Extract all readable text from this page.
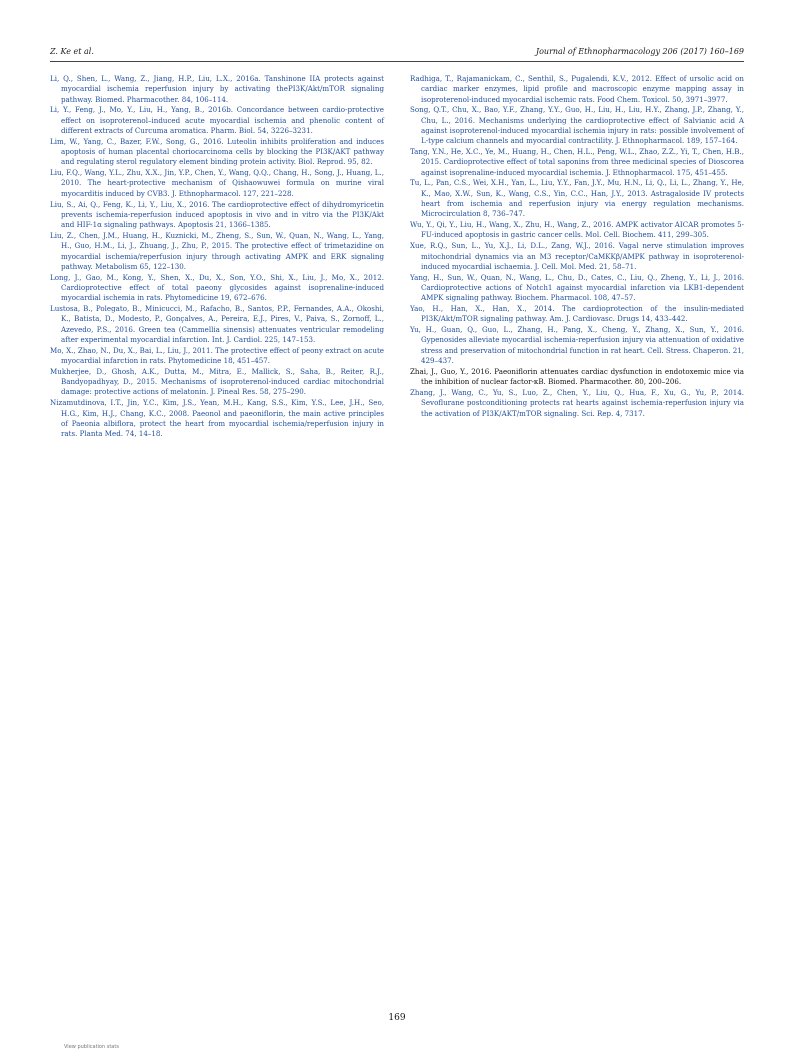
Z. Ke et al.	Journal of Ethnopharmacology 206 (2017) 160–169

Li, Q., Shen, L., Wang, Z., Jiang, H.P., Liu, L.X., 2016a. Tanshinone IIA protects against myocardial ischemia reperfusion injury by activating thePI3K/Akt/mTOR signaling pathway. Biomed. Pharmacother. 84, 106–114.

Li, Y., Feng, J., Mo, Y., Liu, H., Yang, B., 2016b. Concordance between cardio-protective effect on isoproterenol–induced acute myocardial ischemia and phenolic content of different extracts of Curcuma aromatica. Pharm. Biol. 54, 3226–3231.

Lim, W., Yang, C., Bazer, F.W., Song, G., 2016. Luteolin inhibits proliferation and induces apoptosis of human placental choriocarcinoma cells by blocking the PI3K/AKT pathway and regulating sterol regulatory element binding protein activity. Biol. Reprod. 95, 82.

Liu, F.Q., Wang, Y.L., Zhu, X.X., Jin, Y.P., Chen, Y., Wang, Q.Q., Chang, H., Song, J., Huang, L., 2010. The heart-protective mechanism of Qishaowuwei formula on murine viral myocarditis induced by CVB3. J. Ethnopharmacol. 127, 221–228.

Liu, S., Ai, Q., Feng, K., Li, Y., Liu, X., 2016. The cardioprotective effect of dihydromyricetin prevents ischemia-reperfusion induced apoptosis in vivo and in vitro via the PI3K/Akt and HIF-1α signaling pathways. Apoptosis 21, 1366–1385.

Liu, Z., Chen, J.M., Huang, H., Kuznicki, M., Zheng, S., Sun, W., Quan, N., Wang, L., Yang, H., Guo, H.M., Li, J., Zhuang, J., Zhu, P., 2015. The protective effect of trimetazidine on myocardial ischemia/reperfusion injury through activating AMPK and ERK signaling pathway. Metabolism 65, 122–130.

Long, J., Gao, M., Kong, Y., Shen, X., Du, X., Son, Y.O., Shi, X., Liu, J., Mo, X., 2012. Cardioprotective effect of total paeony glycosides against isoprenaline-induced myocardial ischemia in rats. Phytomedicine 19, 672–676.

Lustosa, B., Polegato, B., Minicucci, M., Rafacho, B., Santos, P.P., Fernandes, A.A., Okoshi, K., Batista, D., Modesto, P., Gonçalves, A., Pereira, E.J., Pires, V., Paiva, S., Zornoff, L., Azevedo, P.S., 2016. Green tea (Cammellia sinensis) attenuates ventricular remodeling after experimental myocardial infarction. Int. J. Cardiol. 225, 147–153.

Mo, X., Zhao, N., Du, X., Bai, L., Liu, J., 2011. The protective effect of peony extract on acute myocardial infarction in rats. Phytomedicine 18, 451–457.

Mukherjee, D., Ghosh, A.K., Dutta, M., Mitra, E., Mallick, S., Saha, B., Reiter, R.J., Bandyopadhyay, D., 2015. Mechanisms of isoproterenol-induced cardiac mitochondrial damage: protective actions of melatonin. J. Pineal Res. 58, 275–290.

Nizamutdinova, I.T., Jin, Y.C., Kim, J.S., Yean, M.H., Kang, S.S., Kim, Y.S., Lee, J.H., Seo, H.G., Kim, H.J., Chang, K.C., 2008. Paeonol and paeoniflorin, the main active principles of Paeonia albiflora, protect the heart from myocardial ischemia/reperfusion injury in rats. Planta Med. 74, 14–18.

Radhiga, T., Rajamanickam, C., Senthil, S., Pugalendi, K.V., 2012. Effect of ursolic acid on cardiac marker enzymes, lipid profile and macroscopic enzyme mapping assay in isoproterenol-induced myocardial ischemic rats. Food Chem. Toxicol. 50, 3971–3977.

Song, Q.T., Chu, X., Bao, Y.F., Zhang, Y.Y., Guo, H., Liu, H., Liu, H.Y., Zhang, J.P., Zhang, Y., Chu, L., 2016. Mechanisms underlying the cardioprotective effect of Salvianic acid A against isoproterenol-induced myocardial ischemia injury in rats: possible involvement of L-type calcium channels and myocardial contractility. J. Ethnopharmacol. 189, 157–164.

Tang, Y.N., He, X.C., Ye, M., Huang, H., Chen, H.L., Peng, W.L., Zhao, Z.Z., Yi, T., Chen, H.B., 2015. Cardioprotective effect of total saponins from three medicinal species of Dioscorea against isoprenaline-induced myocardial ischemia. J. Ethnopharmacol. 175, 451–455.

Tu, L., Pan, C.S., Wei, X.H., Yan, L., Liu, Y.Y., Fan, J.Y., Mu, H.N., Li, Q., Li, L., Zhang, Y., He, K., Mao, X.W., Sun, K., Wang, C.S., Yin, C.C., Han, J.Y., 2013. Astragaloside IV protects heart from ischemia and reperfusion injury via energy regulation mechanisms. Microcirculation 8, 736–747.

Wu, Y., Qi, Y., Liu, H., Wang, X., Zhu, H., Wang, Z., 2016. AMPK activator AICAR promotes 5-FU-induced apoptosis in gastric cancer cells. Mol. Cell. Biochem. 411, 299–305.

Xue, R.Q., Sun, L., Yu, X.J., Li, D.L., Zang, W.J., 2016. Vagal nerve stimulation improves mitochondrial dynamics via an M3 receptor/CaMKKβ/AMPK pathway in isoproterenol-induced myocardial ischaemia. J. Cell. Mol. Med. 21, 58–71.

Yang, H., Sun, W., Quan, N., Wang, L., Chu, D., Cates, C., Liu, Q., Zheng, Y., Li, J., 2016. Cardioprotective actions of Notch1 against myocardial infarction via LKB1-dependent AMPK signaling pathway. Biochem. Pharmacol. 108, 47–57.

Yao, H., Han, X., Han, X., 2014. The cardioprotection of the insulin-mediated PI3K/Akt/mTOR signaling pathway. Am. J. Cardiovasc. Drugs 14, 433–442.

Yu, H., Guan, Q., Guo, L., Zhang, H., Pang, X., Cheng, Y., Zhang, X., Sun, Y., 2016. Gypenosides alleviate myocardial ischemia-reperfusion injury via attenuation of oxidative stress and preservation of mitochondrial function in rat heart. Cell. Stress. Chaperon. 21, 429–437.

Zhai, J., Guo, Y., 2016. Paeoniflorin attenuates cardiac dysfunction in endotoxemic mice via the inhibition of nuclear factor-κB. Biomed. Pharmacother. 80, 200–206.

Zhang, J., Wang, C., Yu, S., Luo, Z., Chen, Y., Liu, Q., Hua, F., Xu, G., Yu, P., 2014. Sevoflurane postconditioning protects rat hearts against ischemia-reperfusion injury via the activation of PI3K/AKT/mTOR signaling. Sci. Rep. 4, 7317.

169
View publication stats
